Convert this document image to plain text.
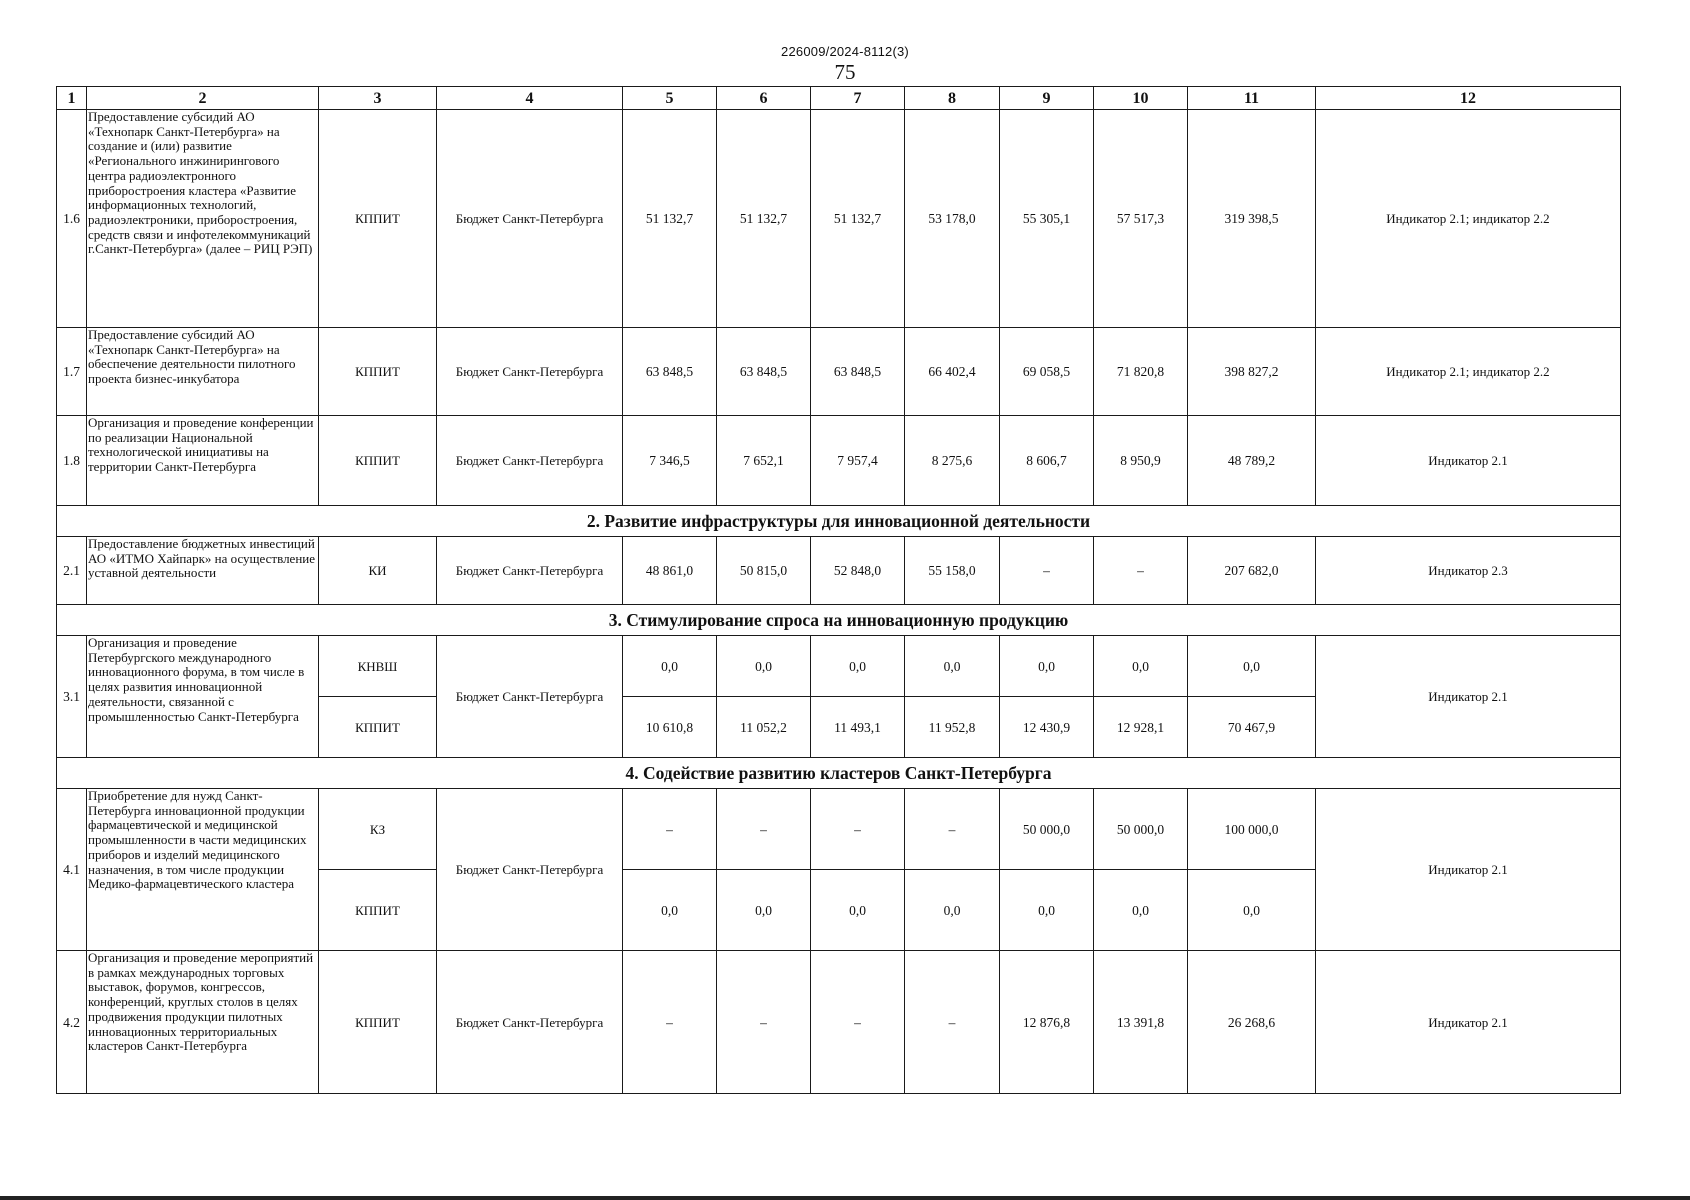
226009/2024-8112(3)
75
1	2	3	4	5	6	7	8	9	10	11	12
1.6	Предоставление субсидий АО «Технопарк Санкт-Петербурга» на создание и (или) развитие «Регионального инжинирингового центра радиоэлектронного приборостроения кластера «Развитие информационных технологий, радиоэлектроники, приборостроения, средств связи и инфотелекоммуникаций г.Санкт-Петербурга» (далее – РИЦ РЭП)	КППИТ	Бюджет Санкт-Петербурга	51 132,7	51 132,7	51 132,7	53 178,0	55 305,1	57 517,3	319 398,5	Индикатор 2.1; индикатор 2.2
1.7	Предоставление субсидий АО «Технопарк Санкт-Петербурга» на обеспечение деятельности пилотного проекта бизнес-инкубатора	КППИТ	Бюджет Санкт-Петербурга	63 848,5	63 848,5	63 848,5	66 402,4	69 058,5	71 820,8	398 827,2	Индикатор 2.1; индикатор 2.2
1.8	Организация и проведение конференции по реализации Национальной технологической инициативы на территории Санкт-Петербурга	КППИТ	Бюджет Санкт-Петербурга	7 346,5	7 652,1	7 957,4	8 275,6	8 606,7	8 950,9	48 789,2	Индикатор 2.1
2. Развитие инфраструктуры для инновационной деятельности											
2.1	Предоставление бюджетных инвестиций АО «ИТМО Хайпарк» на осуществление уставной деятельности	КИ	Бюджет Санкт-Петербурга	48 861,0	50 815,0	52 848,0	55 158,0	–	–	207 682,0	Индикатор 2.3
3. Стимулирование спроса на инновационную продукцию											
3.1	Организация и проведение Петербургского международного инновационного форума, в том числе в целях развития инновационной деятельности, связанной с промышленностью Санкт-Петербурга	КНВШ	Бюджет Санкт-Петербурга	0,0	0,0	0,0	0,0	0,0	0,0	0,0	Индикатор 2.1
		КППИТ		10 610,8	11 052,2	11 493,1	11 952,8	12 430,9	12 928,1	70 467,9	
4. Содействие развитию кластеров Санкт-Петербурга											
4.1	Приобретение для нужд Санкт-Петербурга инновационной продукции фармацевтической и медицинской промышленности в части медицинских приборов и изделий медицинского назначения, в том числе продукции Медико-фармацевтического кластера	КЗ	Бюджет Санкт-Петербурга	–	–	–	–	50 000,0	50 000,0	100 000,0	Индикатор 2.1
		КППИТ		0,0	0,0	0,0	0,0	0,0	0,0	0,0	
4.2	Организация и проведение мероприятий в рамках международных торговых выставок, форумов, конгрессов, конференций, круглых столов в целях продвижения продукции пилотных инновационных территориальных кластеров Санкт-Петербурга	КППИТ	Бюджет Санкт-Петербурга	–	–	–	–	12 876,8	13 391,8	26 268,6	Индикатор 2.1
